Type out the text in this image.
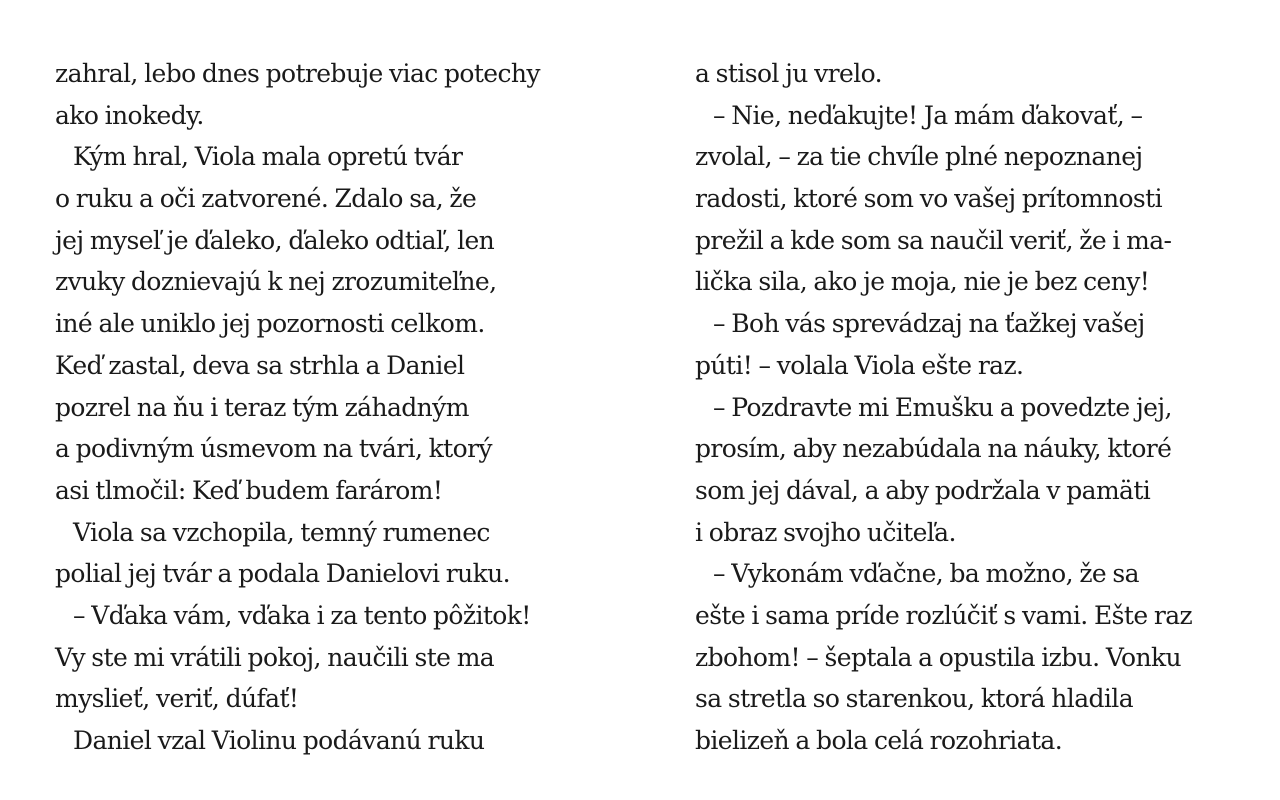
zahral, lebo dnes potrebuje viac potechy
ako inokedy.
Kým hral, Viola mala opretú tvár
o ruku a oči zatvorené. Zdalo sa, že
jej myseľ je ďaleko, ďaleko odtiaľ, len
zvuky doznievajú k nej zrozumiteľne,
iné ale uniklo jej pozornosti celkom.
Keď zastal, deva sa strhla a Daniel
pozrel na ňu i teraz tým záhadným
a podivným úsmevom na tvári, ktorý
asi tlmočil: Keď budem farárom!
Viola sa vzchopila, temný rumenec
polial jej tvár a podala Danielovi ruku.
– Vďaka vám, vďaka i za tento pôžitok!
Vy ste mi vrátili pokoj, naučili ste ma
myslieť, veriť, dúfať!
Daniel vzal Violinu podávanú ruku
a stisol ju vrelo.
– Nie, neďakujte! Ja mám ďakovať, –
zvolal, – za tie chvíle plné nepoznanej
radosti, ktoré som vo vašej prítomnosti
prežil a kde som sa naučil veriť, že i ma-
lička sila, ako je moja, nie je bez ceny!
– Boh vás sprevádzaj na ťažkej vašej
púti! – volala Viola ešte raz.
– Pozdravte mi Emušku a povedzte jej,
prosím, aby nezabúdala na náuky, ktoré
som jej dával, a aby podržala v pamäti
i obraz svojho učiteľa.
– Vykonám vďačne, ba možno, že sa
ešte i sama príde rozlúčiť s vami. Ešte raz
zbohom! – šeptala a opustila izbu. Vonku
sa stretla so starenkou, ktorá hladila
bielizeň a bola celá rozohriata.
